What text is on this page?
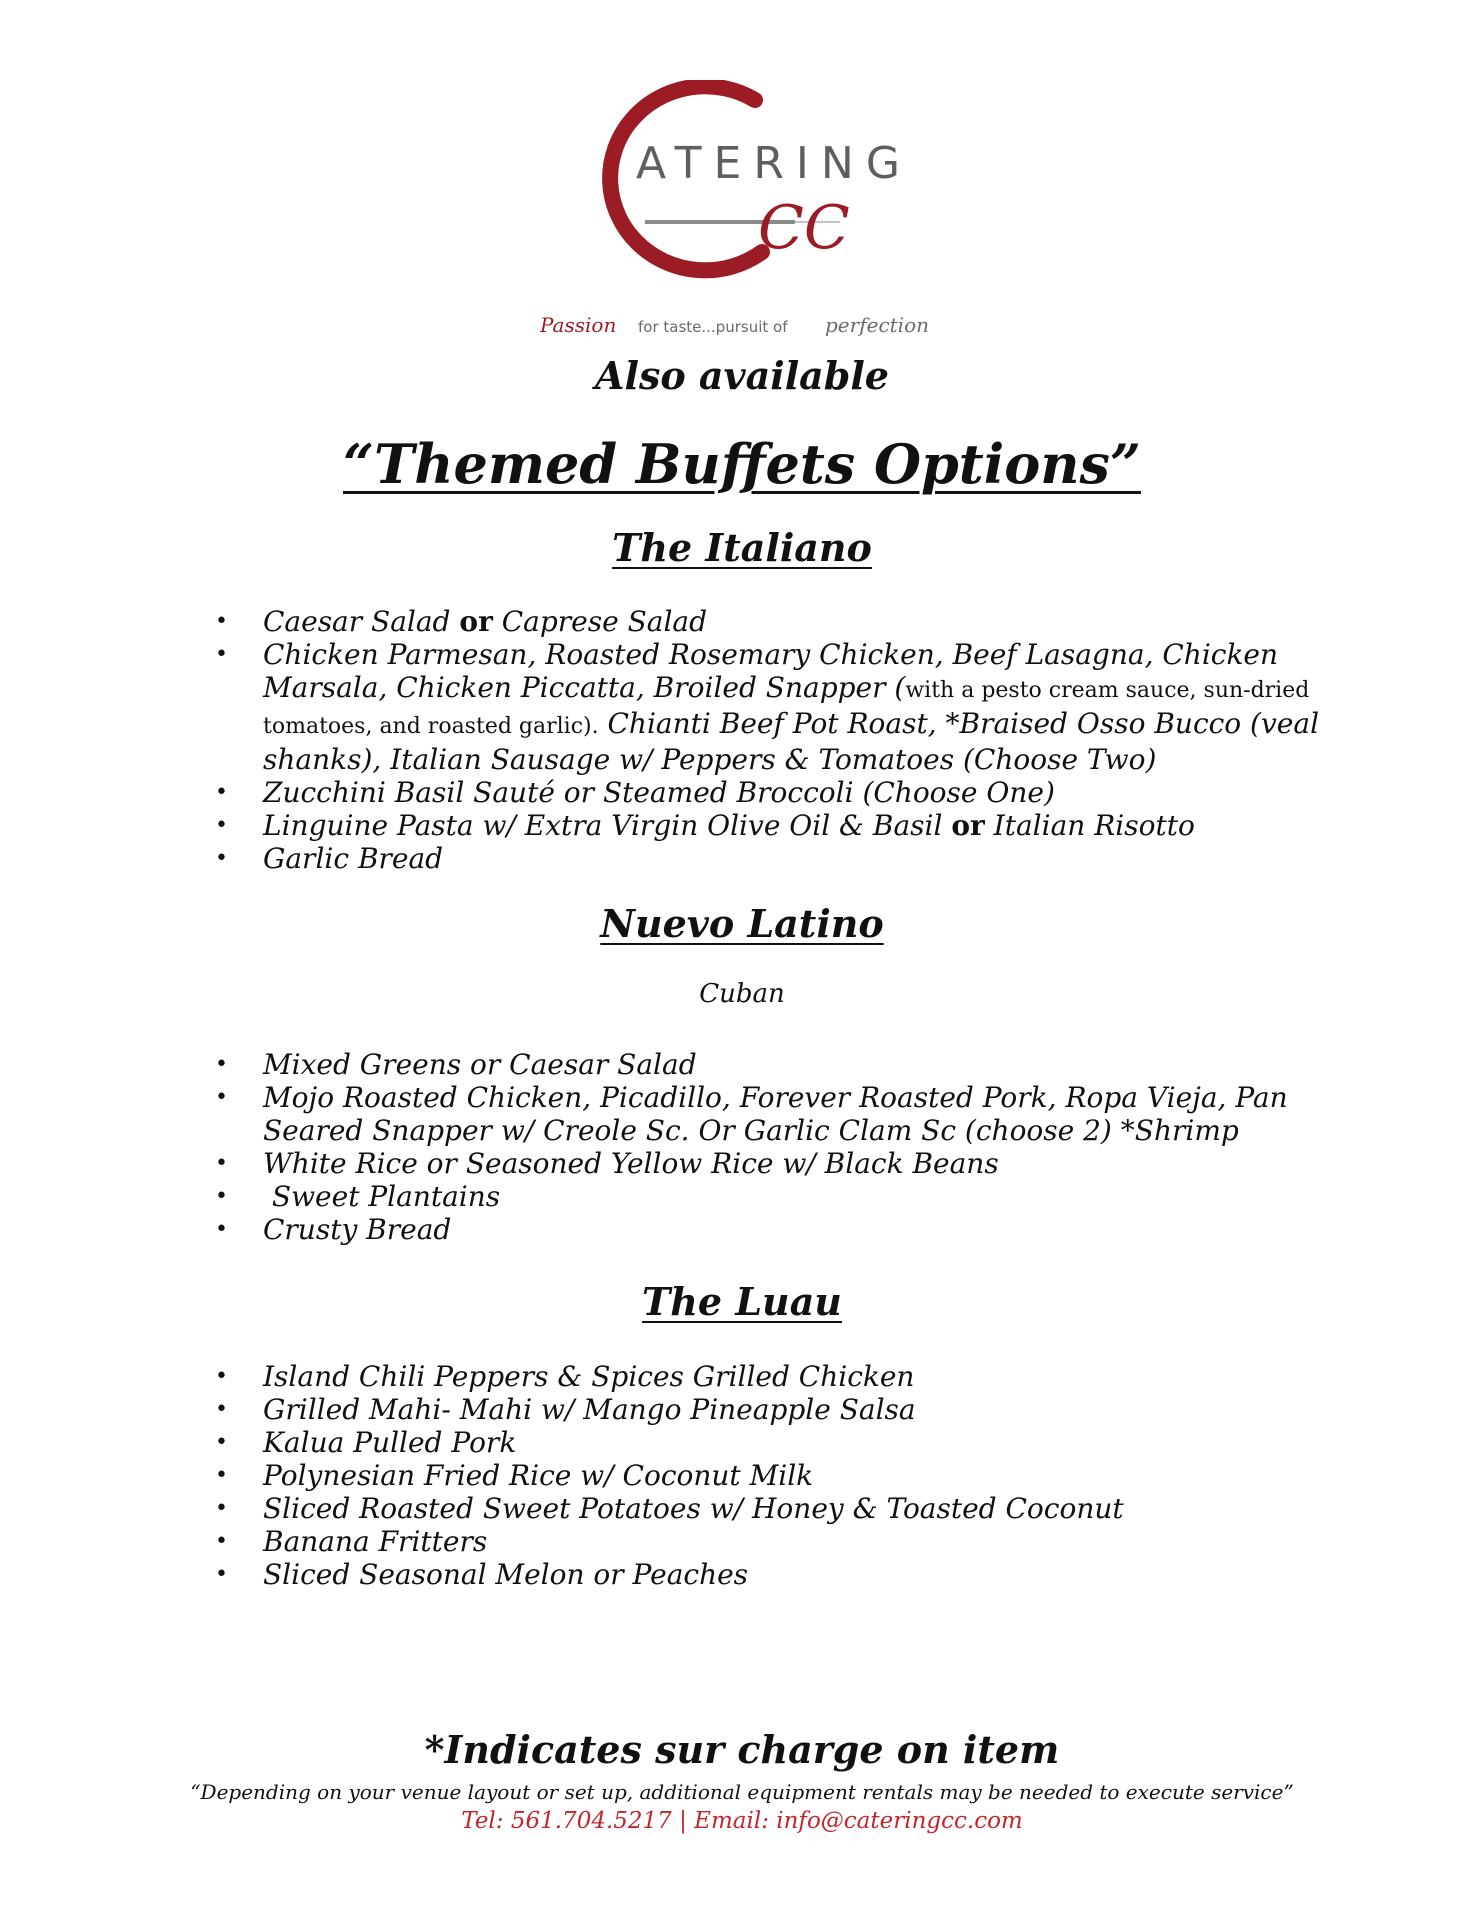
ATERING
CC
Passion for taste...pursuit of perfection
Also available
“Themed Buffets Options”
The Italiano
• Caesar Salad or Caprese Salad
• Chicken Parmesan, Roasted Rosemary Chicken, Beef Lasagna, Chicken Marsala, Chicken Piccatta, Broiled Snapper (with a pesto cream sauce, sun-dried tomatoes, and roasted garlic). Chianti Beef Pot Roast, *Braised Osso Bucco (veal shanks), Italian Sausage w/ Peppers & Tomatoes (Choose Two)
• Zucchini Basil Sauté or Steamed Broccoli (Choose One)
• Linguine Pasta w/ Extra Virgin Olive Oil & Basil or Italian Risotto
• Garlic Bread
Nuevo Latino
Cuban
• Mixed Greens or Caesar Salad
• Mojo Roasted Chicken, Picadillo, Forever Roasted Pork, Ropa Vieja, Pan Seared Snapper w/ Creole Sc. Or Garlic Clam Sc (choose 2) *Shrimp
• White Rice or Seasoned Yellow Rice w/ Black Beans
•  Sweet Plantains
• Crusty Bread
The Luau
• Island Chili Peppers & Spices Grilled Chicken
• Grilled Mahi- Mahi w/ Mango Pineapple Salsa
• Kalua Pulled Pork
• Polynesian Fried Rice w/ Coconut Milk
• Sliced Roasted Sweet Potatoes w/ Honey & Toasted Coconut
• Banana Fritters
• Sliced Seasonal Melon or Peaches
*Indicates sur charge on item
“Depending on your venue layout or set up, additional equipment rentals may be needed to execute service”
Tel: 561.704.5217 | Email: info@cateringcc.com
